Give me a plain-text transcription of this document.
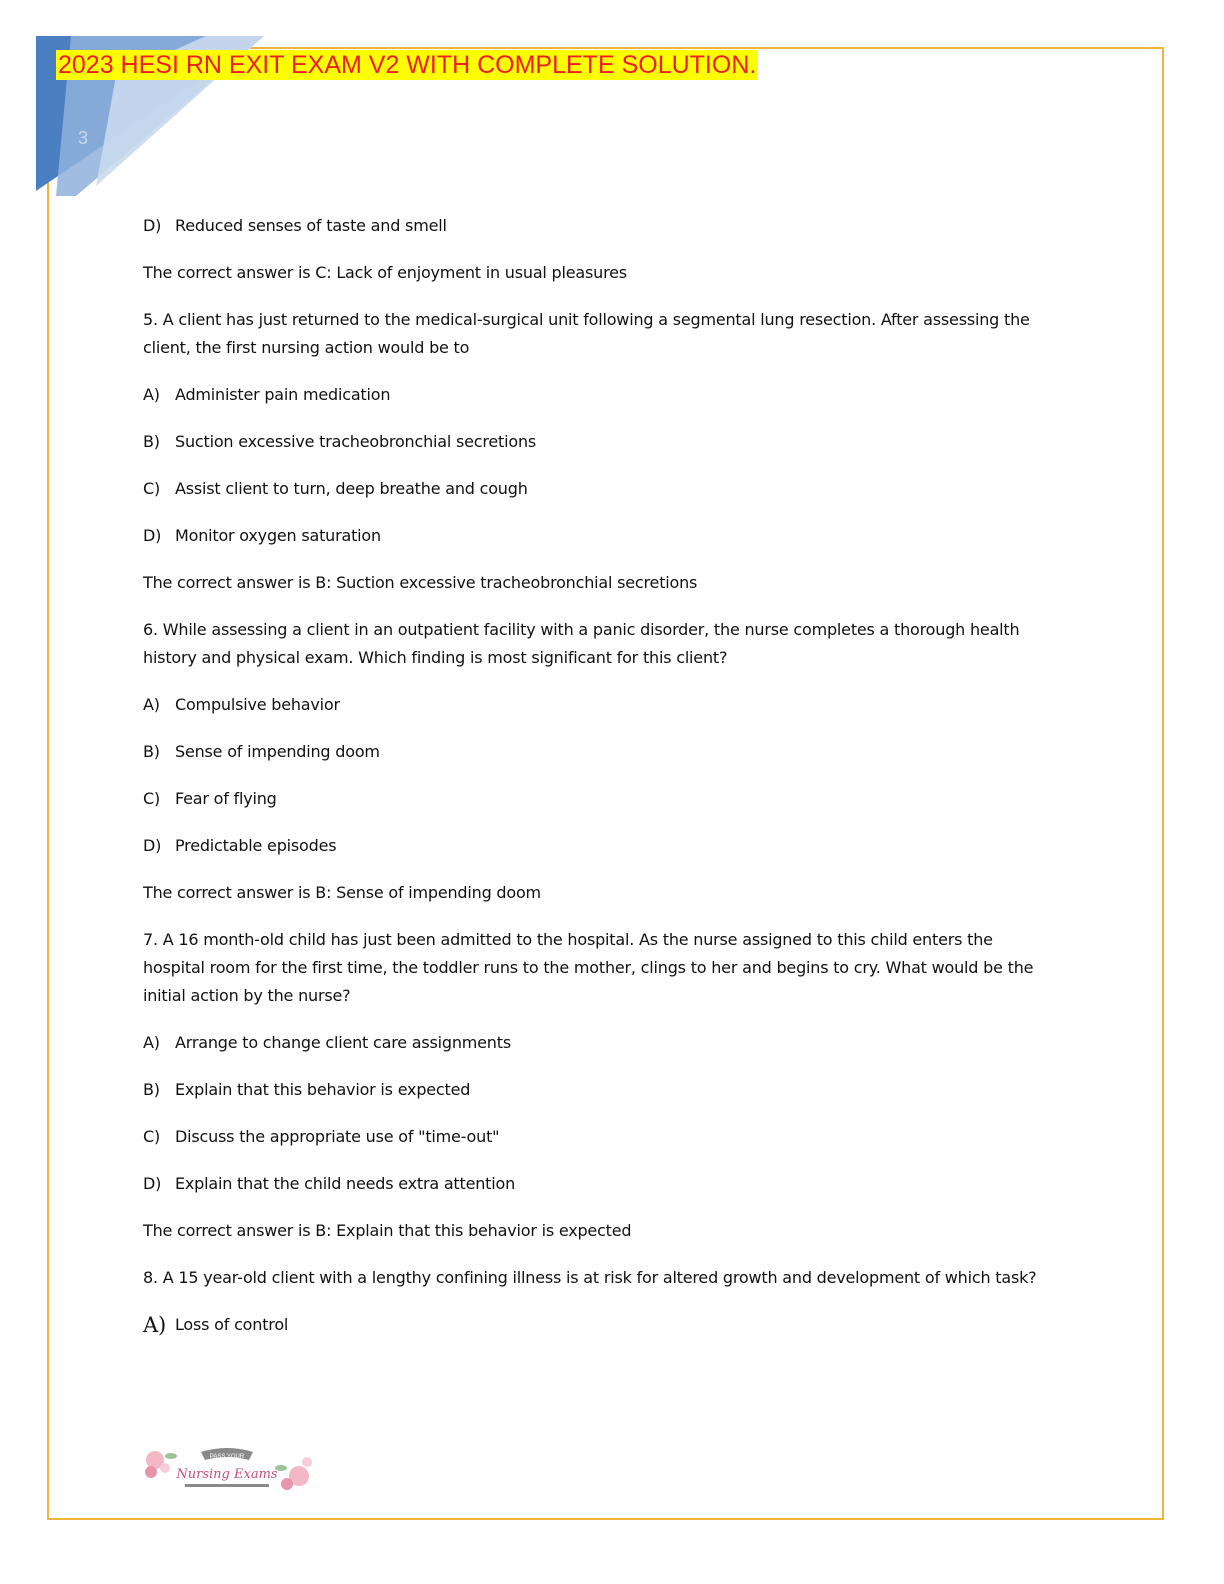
3
2023 HESI RN EXIT EXAM V2 WITH COMPLETE SOLUTION.
D) Reduced senses of taste and smell

The correct answer is C: Lack of enjoyment in usual pleasures

5. A client has just returned to the medical-surgical unit following a segmental lung resection. After assessing the client, the first nursing action would be to

A) Administer pain medication
B) Suction excessive tracheobronchial secretions
C) Assist client to turn, deep breathe and cough
D) Monitor oxygen saturation

The correct answer is B: Suction excessive tracheobronchial secretions

6. While assessing a client in an outpatient facility with a panic disorder, the nurse completes a thorough health history and physical exam. Which finding is most significant for this client?

A) Compulsive behavior
B) Sense of impending doom
C) Fear of flying
D) Predictable episodes

The correct answer is B: Sense of impending doom

7. A 16 month-old child has just been admitted to the hospital. As the nurse assigned to this child enters the hospital room for the first time, the toddler runs to the mother, clings to her and begins to cry. What would be the initial action by the nurse?

A) Arrange to change client care assignments
B) Explain that this behavior is expected
C) Discuss the appropriate use of "time-out"
D) Explain that the child needs extra attention

The correct answer is B: Explain that this behavior is expected

8. A 15 year-old client with a lengthy confining illness is at risk for altered growth and development of which task?

A) Loss of control
PASS YOUR
Nursing Exams
